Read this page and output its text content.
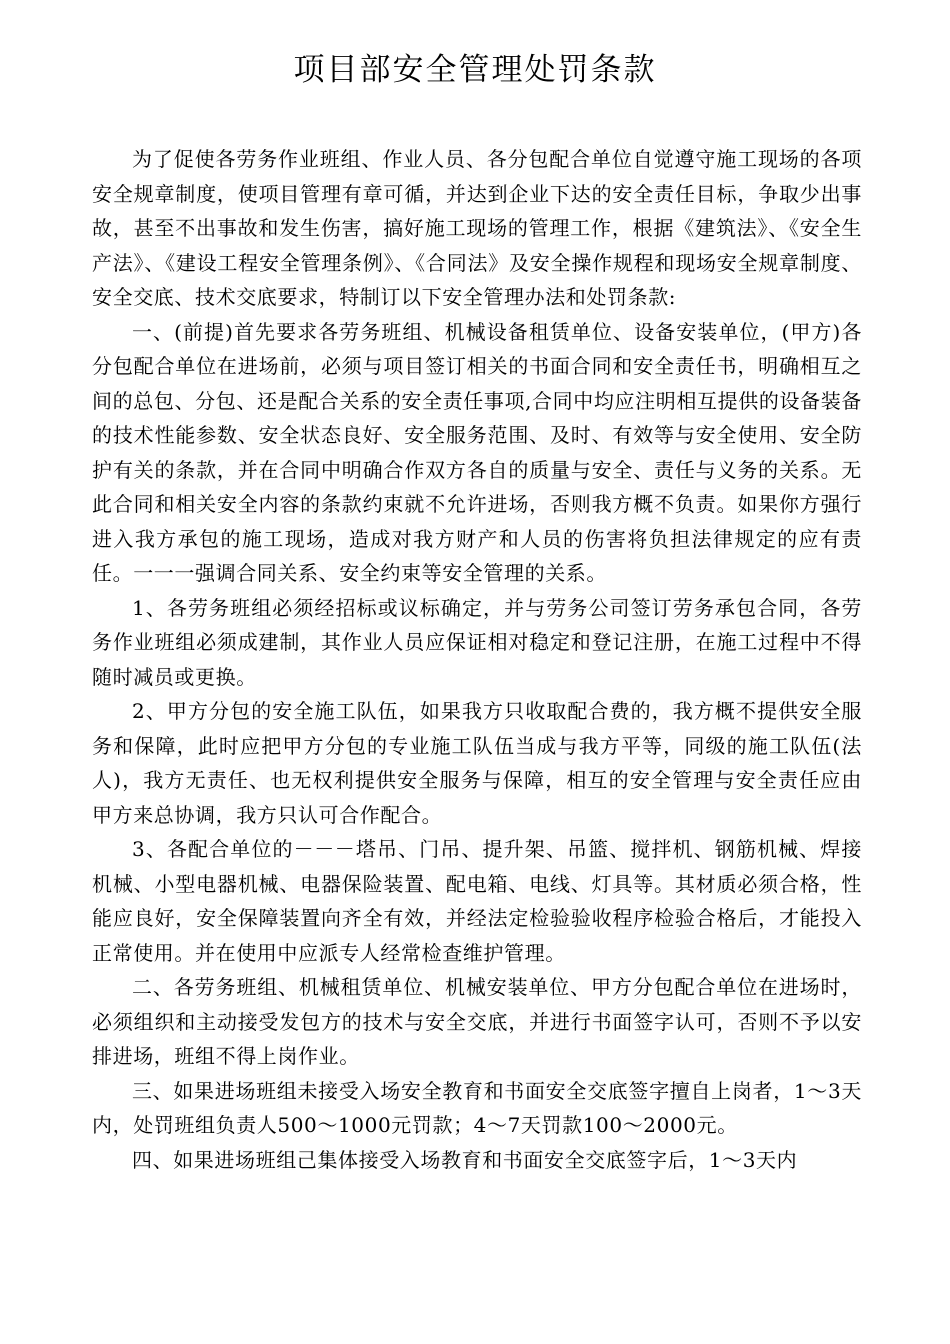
项目部安全管理处罚条款

为了促使各劳务作业班组、作业人员、各分包配合单位自觉遵守施工现场的各项安全规章制度，使项目管理有章可循，并达到企业下达的安全责任目标，争取少出事故，甚至不出事故和发生伤害，搞好施工现场的管理工作，根据《建筑法》、《安全生产法》、《建设工程安全管理条例》、《合同法》及安全操作规程和现场安全规章制度、安全交底、技术交底要求，特制订以下安全管理办法和处罚条款:

一、(前提)首先要求各劳务班组、机械设备租赁单位、设备安装单位，(甲方)各分包配合单位在进场前，必须与项目签订相关的书面合同和安全责任书，明确相互之间的总包、分包、还是配合关系的安全责任事项,合同中均应注明相互提供的设备装备的技术性能参数、安全状态良好、安全服务范围、及时、有效等与安全使用、安全防护有关的条款，并在合同中明确合作双方各自的质量与安全、责任与义务的关系。无此合同和相关安全内容的条款约束就不允许进场，否则我方概不负责。如果你方强行进入我方承包的施工现场，造成对我方财产和人员的伤害将负担法律规定的应有责任。一一一强调合同关系、安全约束等安全管理的关系。

1、各劳务班组必须经招标或议标确定，并与劳务公司签订劳务承包合同，各劳务作业班组必须成建制，其作业人员应保证相对稳定和登记注册，在施工过程中不得随时减员或更换。

2、甲方分包的安全施工队伍，如果我方只收取配合费的，我方概不提供安全服务和保障，此时应把甲方分包的专业施工队伍当成与我方平等，同级的施工队伍(法人)，我方无责任、也无权利提供安全服务与保障，相互的安全管理与安全责任应由甲方来总协调，我方只认可合作配合。

3、各配合单位的－－－塔吊、门吊、提升架、吊篮、搅拌机、钢筋机械、焊接机械、小型电器机械、电器保险装置、配电箱、电线、灯具等。其材质必须合格，性能应良好，安全保障装置向齐全有效，并经法定检验验收程序检验合格后，才能投入正常使用。并在使用中应派专人经常检查维护管理。

二、各劳务班组、机械租赁单位、机械安装单位、甲方分包配合单位在进场时，必须组织和主动接受发包方的技术与安全交底，并进行书面签字认可，否则不予以安排进场，班组不得上岗作业。

三、如果进场班组未接受入场安全教育和书面安全交底签字擅自上岗者，1～3天内，处罚班组负责人500～1000元罚款；4～7天罚款100～2000元。

四、如果进场班组己集体接受入场教育和书面安全交底签字后，1～3天内
